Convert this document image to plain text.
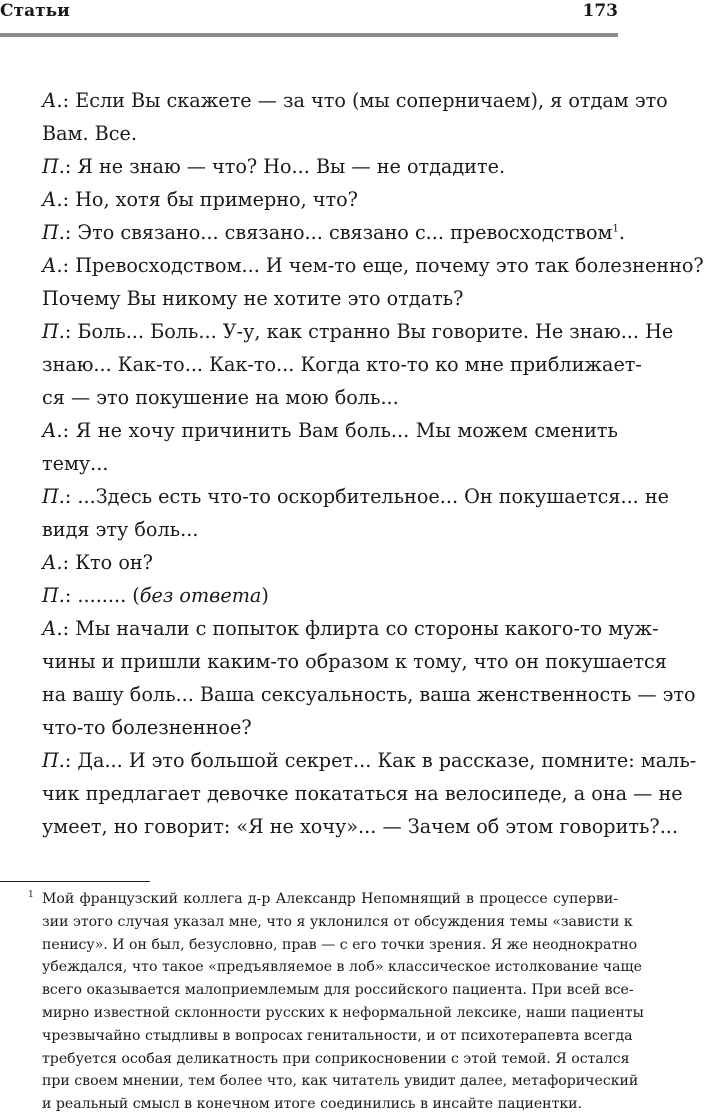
Статьи	173
А.: Если Вы скажете — за что (мы соперничаем), я отдам это
Вам. Все.
П.: Я не знаю — что? Но... Вы — не отдадите.
А.: Но, хотя бы примерно, что?
П.: Это связано... связано... связано с... превосходством$^1$.
А.: Превосходством... И чем-то еще, почему это так болезненно?
Почему Вы никому не хотите это отдать?
П.: Боль... Боль... У-у, как странно Вы говорите. Не знаю... Не
знаю... Как-то... Как-то... Когда кто-то ко мне приближает-
ся — это покушение на мою боль...
А.: Я не хочу причинить Вам боль... Мы можем сменить
тему...
П.: ...Здесь есть что-то оскорбительное... Он покушается... не
видя эту боль...
А.: Кто он?
П.: ........ (без ответа)
А.: Мы начали с попыток флирта со стороны какого-то муж-
чины и пришли каким-то образом к тому, что он покушается
на вашу боль... Ваша сексуальность, ваша женственность — это
что-то болезненное?
П.: Да... И это большой секрет... Как в рассказе, помните: маль-
чик предлагает девочке покататься на велосипеде, а она — не
умеет, но говорит: «Я не хочу»... — Зачем об этом говорить?...
1 Мой французский коллега д-р Александр Непомнящий в процессе суперви-
зии этого случая указал мне, что я уклонился от обсуждения темы «зависти к
пенису». И он был, безусловно, прав — с его точки зрения. Я же неоднократно
убеждался, что такое «предъявляемое в лоб» классическое истолкование чаще
всего оказывается малоприемлемым для российского пациента. При всей все-
мирно известной склонности русских к неформальной лексике, наши пациенты
чрезвычайно стыдливы в вопросах генитальности, и от психотерапевта всегда
требуется особая деликатность при соприкосновении с этой темой. Я остался
при своем мнении, тем более что, как читатель увидит далее, метафорический
и реальный смысл в конечном итоге соединились в инсайте пациентки.
